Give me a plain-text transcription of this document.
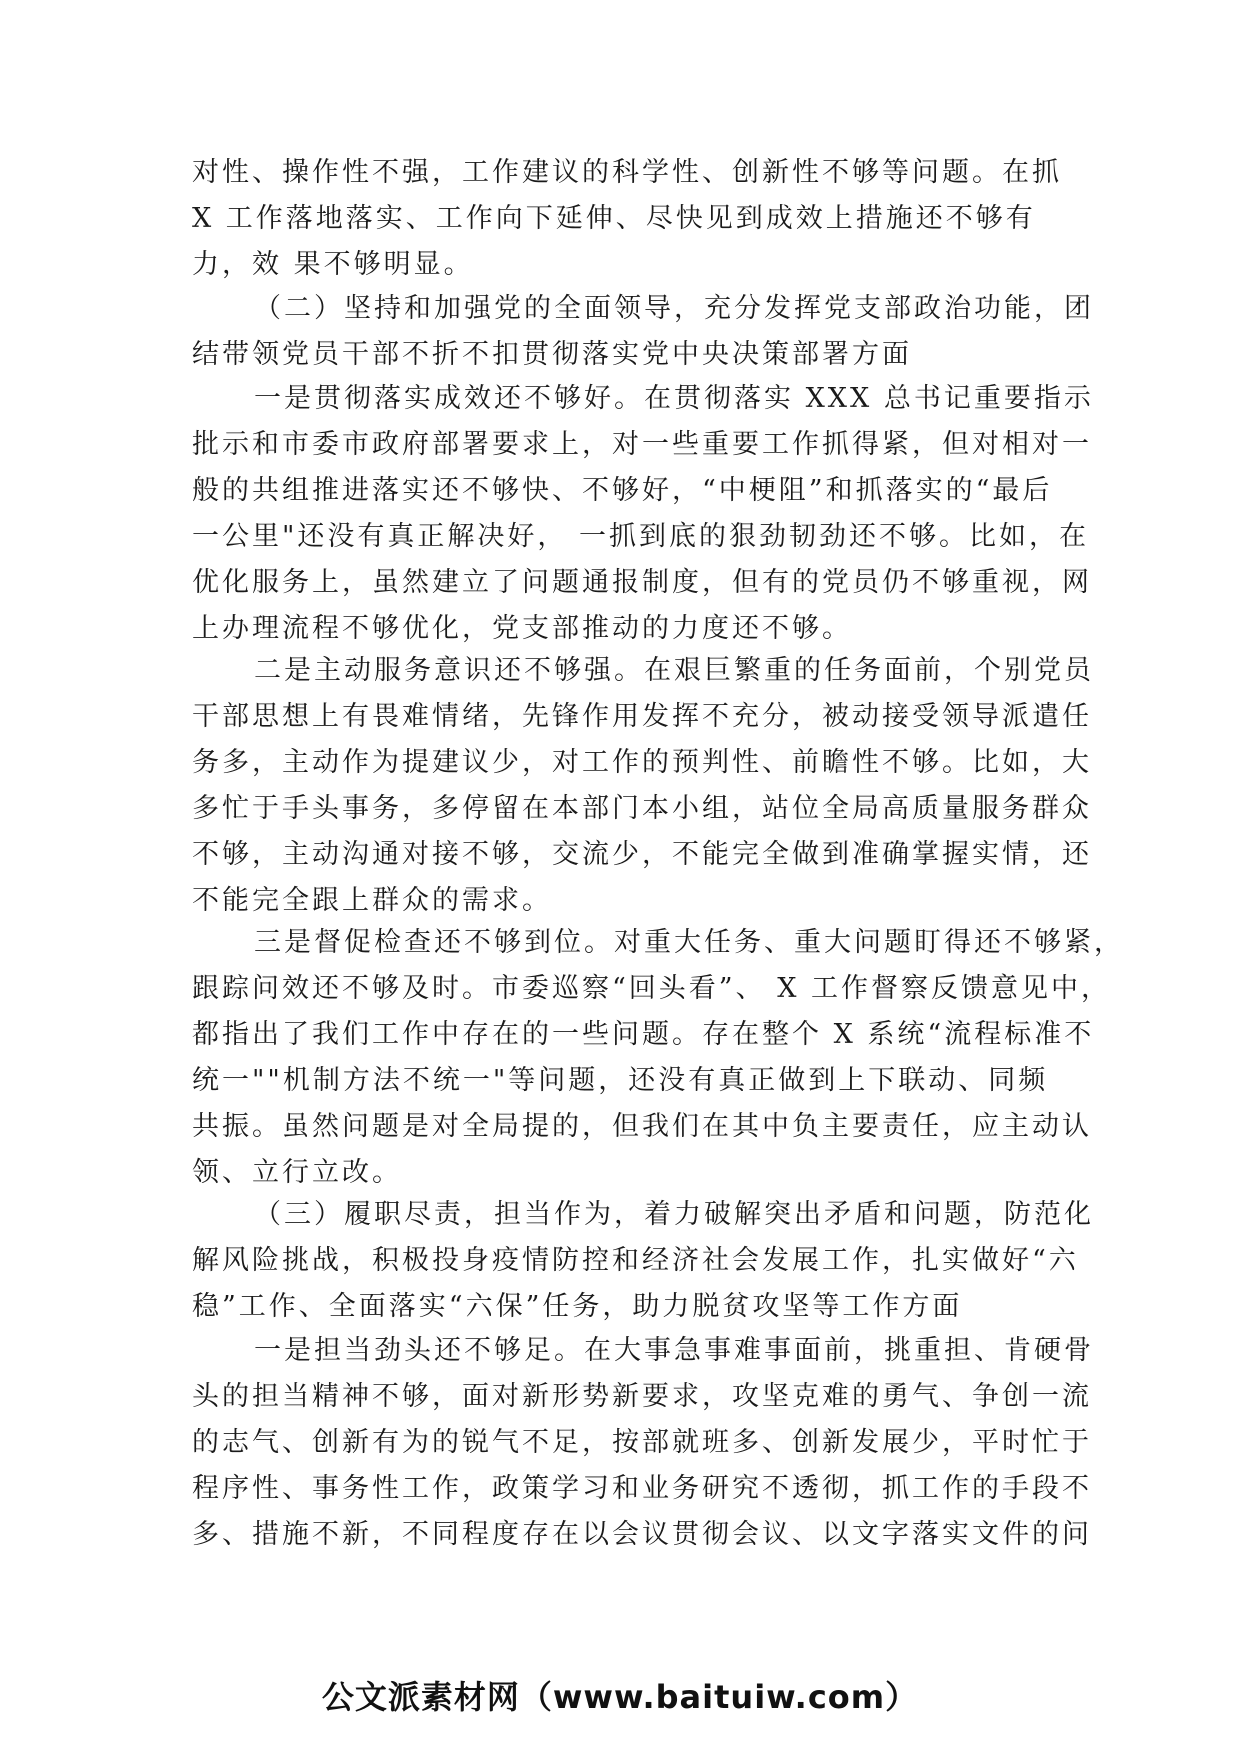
对性、操作性不强，工作建议的科学性、创新性不够等问题。在抓
X 工作落地落实、工作向下延伸、尽快见到成效上措施还不够有
力，效 果不够明显。
（二）坚持和加强党的全面领导，充分发挥党支部政治功能，团
结带领党员干部不折不扣贯彻落实党中央决策部署方面
一是贯彻落实成效还不够好。在贯彻落实 XXX 总书记重要指示
批示和市委市政府部署要求上，对一些重要工作抓得紧，但对相对一
般的共组推进落实还不够快、不够好，“中梗阻”和抓落实的“最后
一公里"还没有真正解决好， 一抓到底的狠劲韧劲还不够。比如，在
优化服务上，虽然建立了问题通报制度，但有的党员仍不够重视，网
上办理流程不够优化，党支部推动的力度还不够。
二是主动服务意识还不够强。在艰巨繁重的任务面前，个别党员
干部思想上有畏难情绪，先锋作用发挥不充分，被动接受领导派遣任
务多，主动作为提建议少，对工作的预判性、前瞻性不够。比如，大
多忙于手头事务，多停留在本部门本小组，站位全局高质量服务群众
不够，主动沟通对接不够，交流少，不能完全做到准确掌握实情，还
不能完全跟上群众的需求。
三是督促检查还不够到位。对重大任务、重大问题盯得还不够紧，
跟踪问效还不够及时。市委巡察“回头看”、 X 工作督察反馈意见中，
都指出了我们工作中存在的一些问题。存在整个 X 系统“流程标准不
统一""机制方法不统一"等问题，还没有真正做到上下联动、同频
共振。虽然问题是对全局提的，但我们在其中负主要责任，应主动认
领、立行立改。
（三）履职尽责，担当作为，着力破解突出矛盾和问题，防范化
解风险挑战，积极投身疫情防控和经济社会发展工作，扎实做好“六
稳”工作、全面落实“六保”任务，助力脱贫攻坚等工作方面
一是担当劲头还不够足。在大事急事难事面前，挑重担、肯硬骨
头的担当精神不够，面对新形势新要求，攻坚克难的勇气、争创一流
的志气、创新有为的锐气不足，按部就班多、创新发展少，平时忙于
程序性、事务性工作，政策学习和业务研究不透彻，抓工作的手段不
多、措施不新，不同程度存在以会议贯彻会议、以文字落实文件的问
公文派素材网（www.baituiw.com）
